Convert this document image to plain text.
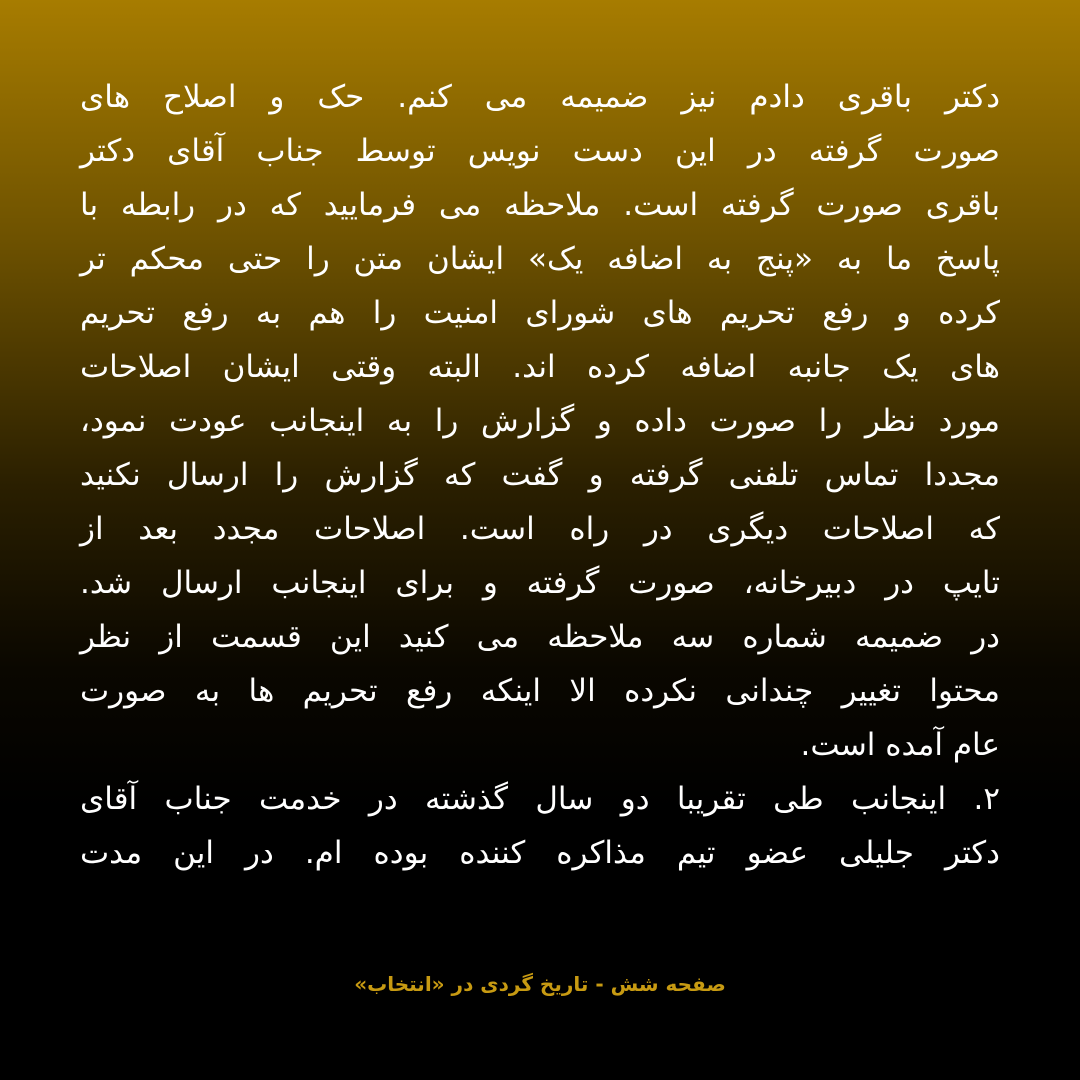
دکتر باقری دادم نیز ضمیمه می کنم. حک و اصلاح های
صورت گرفته در این دست نویس توسط جناب آقای دکتر
باقری صورت گرفته است. ملاحظه می فرمایید که در رابطه با
پاسخ ما به «پنج به اضافه یک» ایشان متن را حتی محکم تر
کرده و رفع تحریم های شورای امنیت را هم به رفع تحریم
های یک جانبه اضافه کرده اند. البته وقتی ایشان اصلاحات
مورد نظر را صورت داده و گزارش را به اینجانب عودت نمود،
مجددا تماس تلفنی گرفته و گفت که گزارش را ارسال نکنید
که اصلاحات دیگری در راه است. اصلاحات مجدد بعد از
تایپ در دبیرخانه، صورت گرفته و برای اینجانب ارسال شد.
در ضمیمه شماره سه ملاحظه می کنید این قسمت از نظر
محتوا تغییر چندانی نکرده الا اینکه رفع تحریم ها به صورت
عام آمده است.
۲. اینجانب طی تقریبا دو سال گذشته در خدمت جناب آقای
دکتر جلیلی عضو تیم مذاکره کننده بوده ام. در این مدت
صفحه شش - تاریخ گردی در «انتخاب»
